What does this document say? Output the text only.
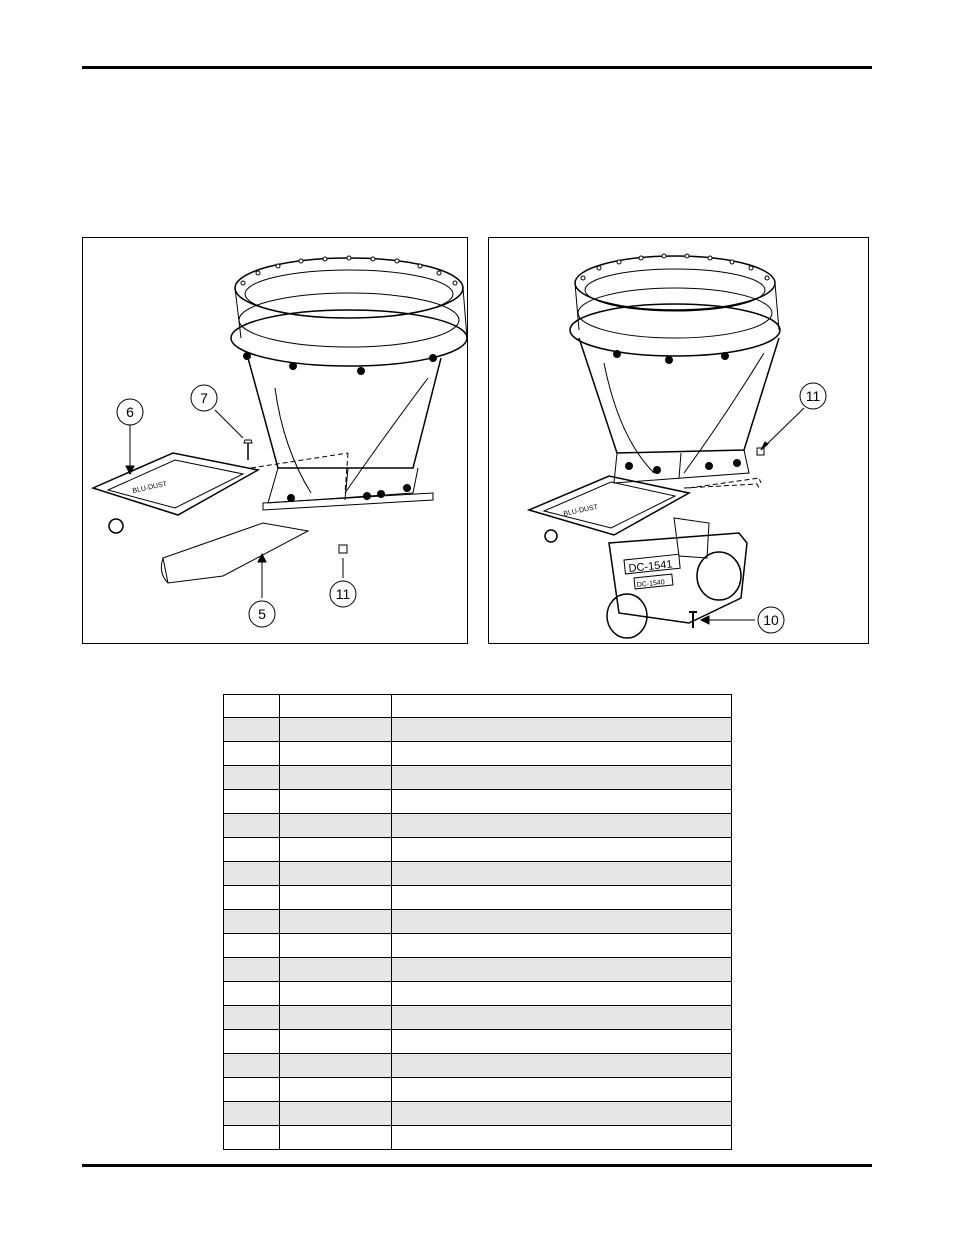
BLU-DUST
6
7
5
11
BLU-DUST
DC-1541
DC-1540
11
10
